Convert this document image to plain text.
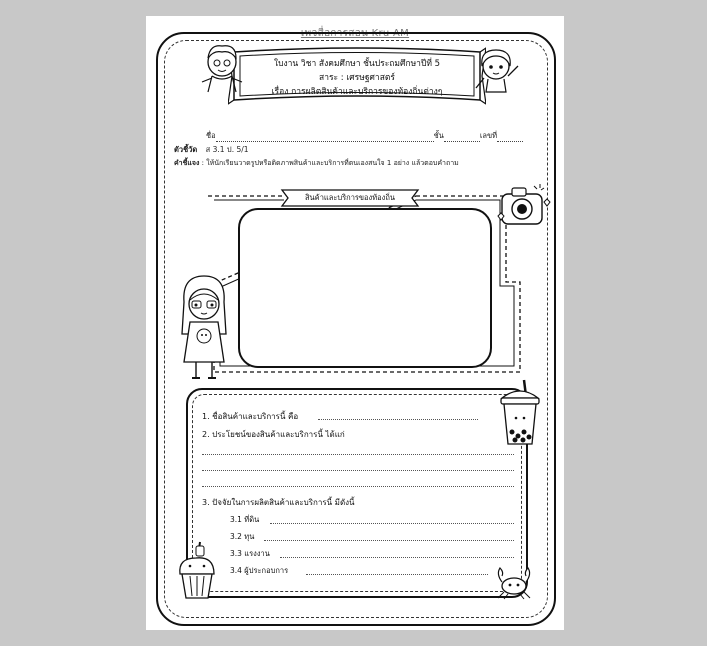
เพจสื่อการสอน Kru AM
ใบงาน วิชา สังคมศึกษา ชั้นประถมศึกษาปีที่ 5
สาระ : เศรษฐศาสตร์
เรื่อง การผลิตสินค้าและบริการของท้องถิ่นต่างๆ
ชื่อ	ชั้น	เลขที่
ตัวชี้วัด ส 3.1 ป. 5/1
คำชี้แจง : ให้นักเรียนวาดรูปหรือติดภาพสินค้าและบริการที่ตนเองสนใจ 1 อย่าง แล้วตอบคำถาม
สินค้าและบริการของท้องถิ่น
1. ชื่อสินค้าและบริการนี้ คือ
2. ประโยชน์ของสินค้าและบริการนี้ ได้แก่
3. ปัจจัยในการผลิตสินค้าและบริการนี้ มีดังนี้
3.1 ที่ดิน
3.2 ทุน
3.3 แรงงาน
3.4 ผู้ประกอบการ
